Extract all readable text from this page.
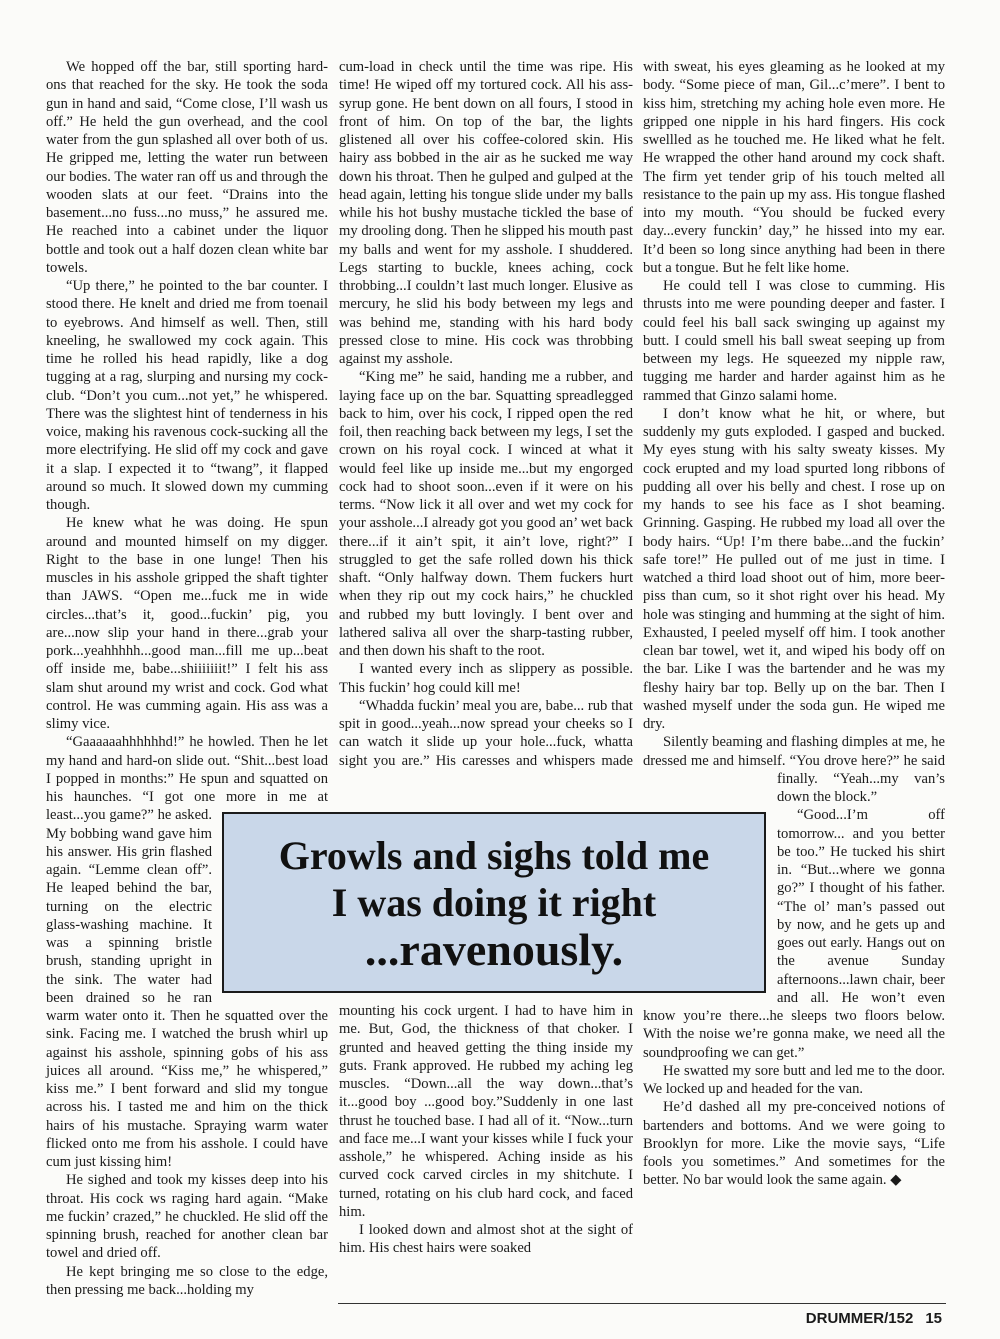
We hopped off the bar, still sporting hard-ons that reached for the sky. He took the soda gun in hand and said, “Come close, I’ll wash us off.” He held the gun overhead, and the cool water from the gun splashed all over both of us. He gripped me, letting the water run between our bodies. The water ran off us and through the wooden slats at our feet. “Drains into the basement...no fuss...no muss,” he assured me. He reached into a cabinet under the liquor bottle and took out a half dozen clean white bar towels.

“Up there,” he pointed to the bar counter. I stood there. He knelt and dried me from toenail to eyebrows. And himself as well. Then, still kneeling, he swallowed my cock again. This time he rolled his head rapidly, like a dog tugging at a rag, slurping and nursing my cock-club. “Don’t you cum...not yet,” he whispered. There was the slightest hint of tenderness in his voice, making his ravenous cock-sucking all the more electrifying. He slid off my cock and gave it a slap. I expected it to “twang”, it flapped around so much. It slowed down my cumming though.

He knew what he was doing. He spun around and mounted himself on my digger. Right to the base in one lunge! Then his muscles in his asshole gripped the shaft tighter than JAWS. “Open me...fuck me in wide circles...that’s it, good...fuckin’ pig, you are...now slip your hand in there...grab your pork...yeahhhhh...good man...fill me up...beat off inside me, babe...shiiiiiiit!” I felt his ass slam shut around my wrist and cock. God what control. He was cumming again. His ass was a slimy vice.

“Gaaaaaahhhhhhd!” he howled. Then he let my hand and hard-on slide out. “Shit...best load I popped in months:” He spun and squatted on his haunches. “I got one more in me at least...you game?” he asked. My bobbing wand gave him his answer. His grin flashed again. “Lemme clean off”. He leaped behind the bar, turning on the electric glass-washing machine. It was a spinning bristle brush, standing upright in the sink. The water had been drained so he ran warm water onto it. Then he squatted over the sink. Facing me. I watched the brush whirl up against his asshole, spinning gobs of his ass juices all around. “Kiss me,” he whispered,” kiss me.” I bent forward and slid my tongue across his. I tasted me and him on the thick hairs of his mustache. Spraying warm water flicked onto me from his asshole. I could have cum just kissing him!

He sighed and took my kisses deep into his throat. His cock ws raging hard again. “Make me fuckin’ crazed,” he chuckled. He slid off the spinning brush, reached for another clean bar towel and dried off.

He kept bringing me so close to the edge, then pressing me back...holding my

cum-load in check until the time was ripe. His time! He wiped off my tortured cock. All his ass-syrup gone. He bent down on all fours, I stood in front of him. On top of the bar, the lights glistened all over his coffee-colored skin. His hairy ass bobbed in the air as he sucked me way down his throat. Then he gulped and gulped at the head again, letting his tongue slide under my balls while his hot bushy mustache tickled the base of my drooling dong. Then he slipped his mouth past my balls and went for my asshole. I shuddered. Legs starting to buckle, knees aching, cock throbbing...I couldn’t last much longer. Elusive as mercury, he slid his body between my legs and was behind me, standing with his hard body pressed close to mine. His cock was throbbing against my asshole.

“King me” he said, handing me a rubber, and laying face up on the bar. Squatting spreadlegged back to him, over his cock, I ripped open the red foil, then reaching back between my legs, I set the crown on his royal cock. I winced at what it would feel like up inside me...but my engorged cock had to shoot soon...even if it were on his terms. “Now lick it all over and wet my cock for your asshole...I already got you good an’ wet back there...if it ain’t spit, it ain’t love, right?” I struggled to get the safe rolled down his thick shaft. “Only halfway down. Them fuckers hurt when they rip out my cock hairs,” he chuckled and rubbed my butt lovingly. I bent over and lathered saliva all over the sharp-tasting rubber, and then down his shaft to the root.

I wanted every inch as slippery as possible. This fuckin’ hog could kill me!

“Whadda fuckin’ meal you are, babe... rub that spit in good...yeah...now spread your cheeks so I can watch it slide up your hole...fuck, whatta sight you are.” His caresses and whispers made mounting his cock urgent. I had to have him in me. But, God, the thickness of that choker. I grunted and heaved getting the thing inside my guts. Frank approved. He rubbed my aching leg muscles. “Down...all the way down...that’s it...good boy ...good boy.”Suddenly in one last thrust he touched base. I had all of it. “Now...turn and face me...I want your kisses while I fuck your asshole,” he whispered. Aching inside as his curved cock carved circles in my shitchute. I turned, rotating on his club hard cock, and faced him.

I looked down and almost shot at the sight of him. His chest hairs were soaked

with sweat, his eyes gleaming as he looked at my body. “Some piece of man, Gil...c’mere”. I bent to kiss him, stretching my aching hole even more. He gripped one nipple in his hard fingers. His cock swellled as he touched me. He liked what he felt. He wrapped the other hand around my cock shaft. The firm yet tender grip of his touch melted all resistance to the pain up my ass. His tongue flashed into my mouth. “You should be fucked every day...every funckin’ day,” he hissed into my ear. It’d been so long since anything had been in there but a tongue. But he felt like home.

He could tell I was close to cumming. His thrusts into me were pounding deeper and faster. I could feel his ball sack swinging up against my butt. I could smell his ball sweat seeping up from between my legs. He squeezed my nipple raw, tugging me harder and harder against him as he rammed that Ginzo salami home.

I don’t know what he hit, or where, but suddenly my guts exploded. I gasped and bucked. My eyes stung with his salty sweaty kisses. My cock erupted and my load spurted long ribbons of pudding all over his belly and chest. I rose up on my hands to see his face as I shot beaming. Grinning. Gasping. He rubbed my load all over the body hairs. “Up! I’m there babe...and the fuckin’ safe tore!” He pulled out of me just in time. I watched a third load shoot out of him, more beer-piss than cum, so it shot right over his head. My hole was stinging and humming at the sight of him. Exhausted, I peeled myself off him. I took another clean bar towel, wet it, and wiped his body off on the bar. Like I was the bartender and he was my fleshy hairy bar top. Belly up on the bar. Then I washed myself under the soda gun. He wiped me dry.

Silently beaming and flashing dimples at me, he dressed me and himself. “You drove here?” he said finally. “Yeah...my van’s down the block.”

“Good...I’m off tomorrow... and you better be too.” He tucked his shirt in. “But...where we gonna go?” I thought of his father. “The ol’ man’s passed out by now, and he gets up and goes out early. Hangs out on the avenue Sunday afternoons...lawn chair, beer and all. He won’t even know you’re there...he sleeps two floors below. With the noise we’re gonna make, we need all the soundproofing we can get.”

He swatted my sore butt and led me to the door. We locked up and headed for the van.

He’d dashed all my pre-conceived notions of bartenders and bottoms. And we were going to Brooklyn for more. Like the movie says, “Life fools you sometimes.” And sometimes for the better. No bar would look the same again. ◆

Growls and sighs told me
I was doing it right
...ravenously.
DRUMMER/152 15
